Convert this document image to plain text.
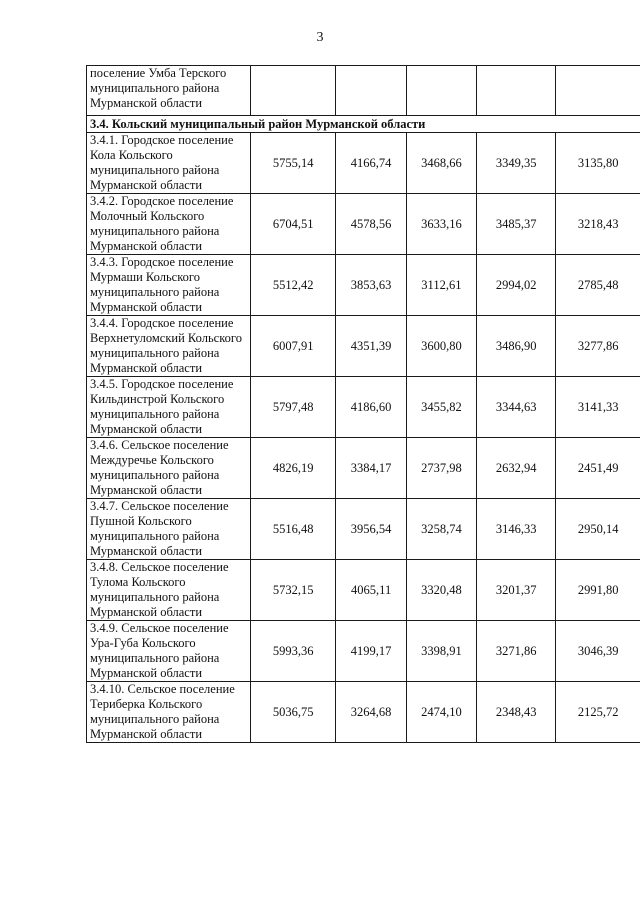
3
поселение Умба Терского муниципального района Мурманской области					
3.4. Кольский муниципальный район Мурманской области					
3.4.1. Городское поселение Кола Кольского муниципального района Мурманской области	5755,14	4166,74	3468,66	3349,35	3135,80
3.4.2. Городское поселение Молочный Кольского муниципального района Мурманской области	6704,51	4578,56	3633,16	3485,37	3218,43
3.4.3. Городское поселение Мурмаши Кольского муниципального района Мурманской области	5512,42	3853,63	3112,61	2994,02	2785,48
3.4.4. Городское поселение Верхнетуломский Кольского муниципального района Мурманской области	6007,91	4351,39	3600,80	3486,90	3277,86
3.4.5. Городское поселение Кильдинстрой Кольского муниципального района Мурманской области	5797,48	4186,60	3455,82	3344,63	3141,33
3.4.6. Сельское поселение Междуречье Кольского муниципального района Мурманской области	4826,19	3384,17	2737,98	2632,94	2451,49
3.4.7. Сельское поселение Пушной Кольского муниципального района Мурманской области	5516,48	3956,54	3258,74	3146,33	2950,14
3.4.8. Сельское поселение Тулома Кольского муниципального района Мурманской области	5732,15	4065,11	3320,48	3201,37	2991,80
3.4.9. Сельское поселение Ура-Губа Кольского муниципального района Мурманской области	5993,36	4199,17	3398,91	3271,86	3046,39
3.4.10. Сельское поселение Териберка Кольского муниципального района Мурманской области	5036,75	3264,68	2474,10	2348,43	2125,72
